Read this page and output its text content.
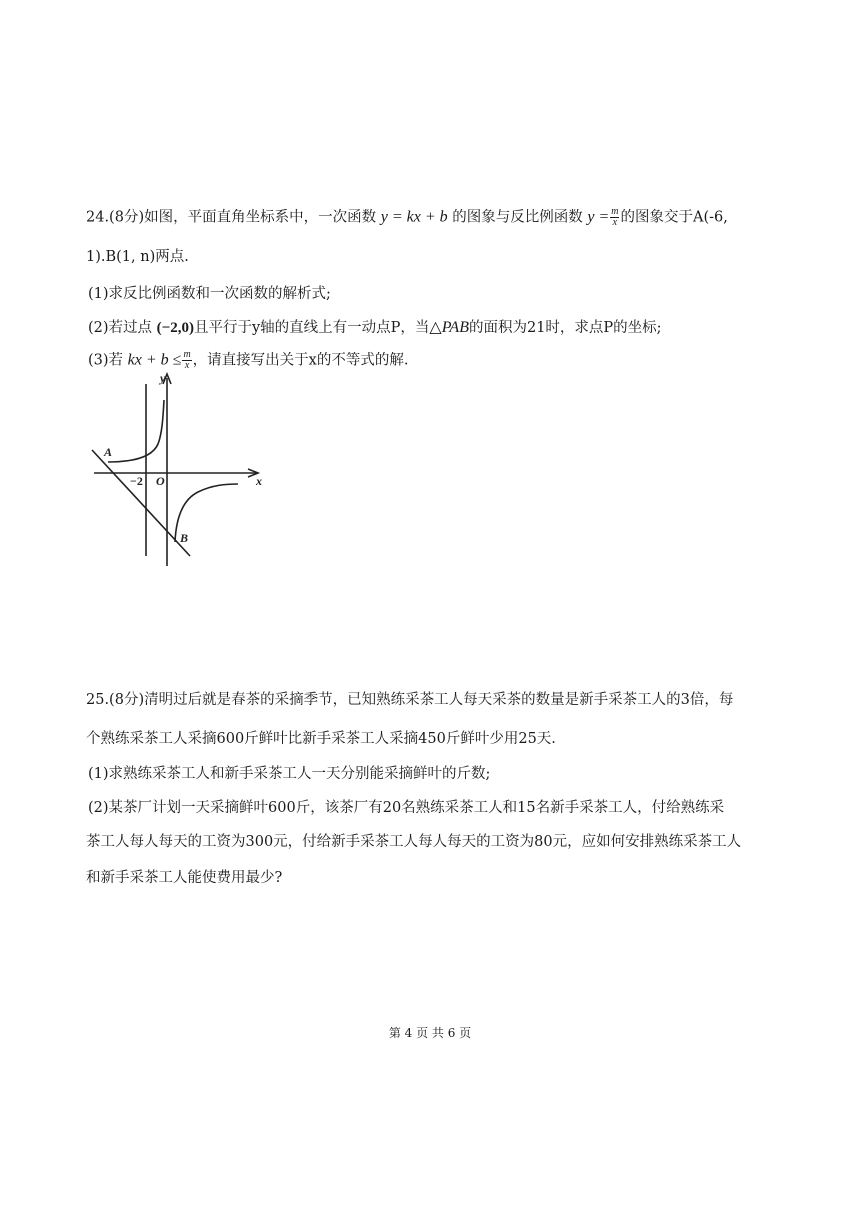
24.(8分)如图，平面直角坐标系中，一次函数 y = kx + b 的图象与反比例函数 $y = \frac{m}{x}$ 的图象交于A(-6,
1).B(1, n)两点.
(1)求反比例函数和一次函数的解析式;
(2)若过点 (−2,0)且平行于y轴的直线上有一动点P，当△PAB的面积为21时，求点P的坐标;
(3)若 kx + $b \le \frac{m}{x}$ ，请直接写出关于x的不等式的解.
y
x
A
B
O
−2
25.(8分)清明过后就是春茶的采摘季节，已知熟练采茶工人每天采茶的数量是新手采茶工人的3倍，每
个熟练采茶工人采摘600斤鲜叶比新手采茶工人采摘450斤鲜叶少用25天.
(1)求熟练采茶工人和新手采茶工人一天分别能采摘鲜叶的斤数;
(2)某茶厂计划一天采摘鲜叶600斤，该茶厂有20名熟练采茶工人和15名新手采茶工人，付给熟练采
茶工人每人每天的工资为300元，付给新手采茶工人每人每天的工资为80元，应如何安排熟练采茶工人
和新手采茶工人能使费用最少?
第 4 页 共 6 页
